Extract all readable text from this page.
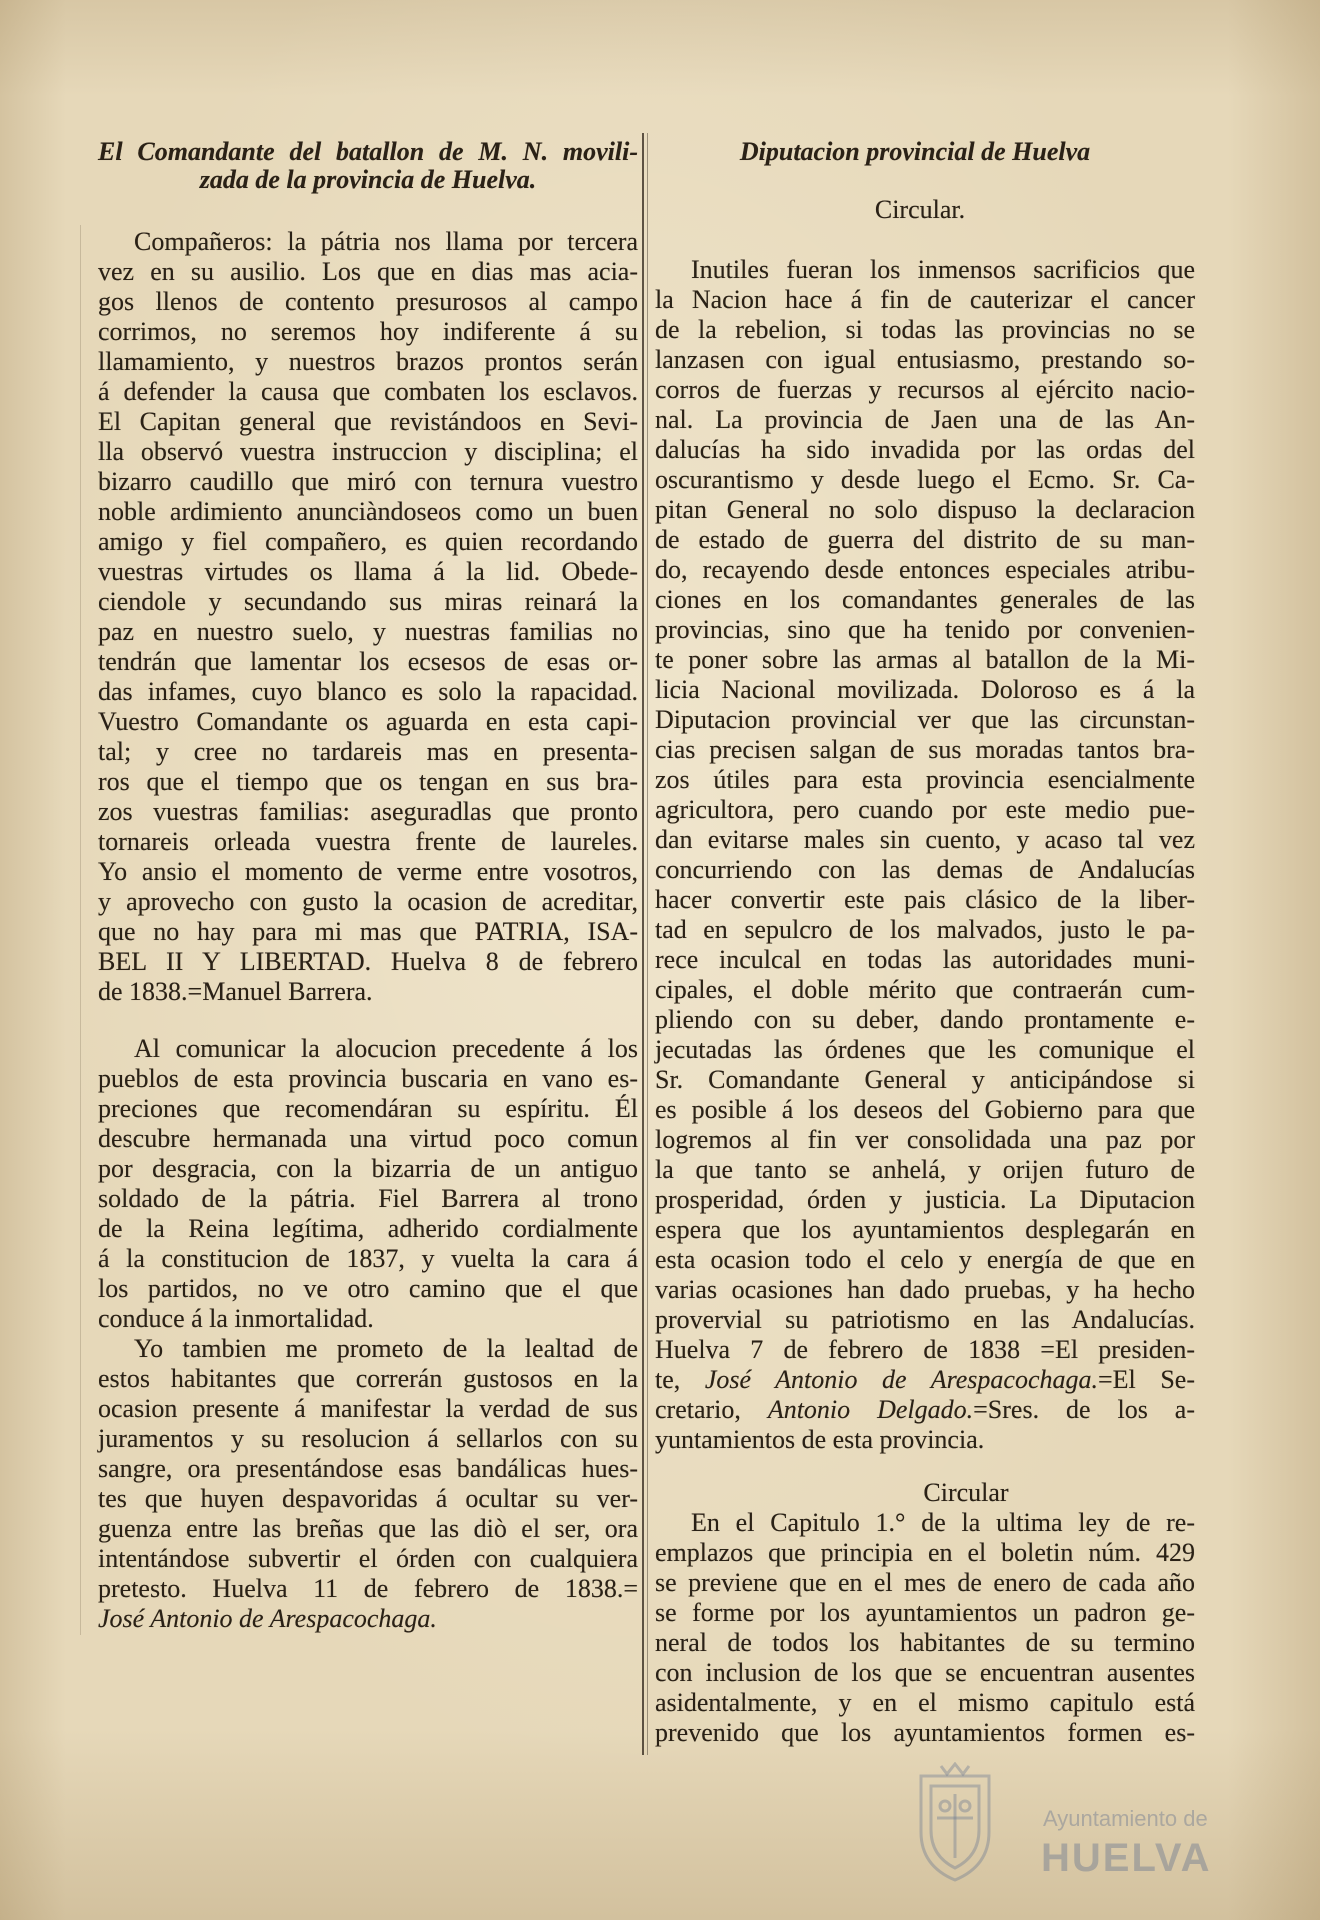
El Comandante del batallon de M. N. movili-
zada de la provincia de Huelva.
Compañeros: la pátria nos llama por tercera
vez en su ausilio. Los que en dias mas acia-
gos llenos de contento presurosos al campo
corrimos, no seremos hoy indiferente á su
llamamiento, y nuestros brazos prontos serán
á defender la causa que combaten los esclavos.
El Capitan general que revistándoos en Sevi-
lla observó vuestra instruccion y disciplina; el
bizarro caudillo que miró con ternura vuestro
noble ardimiento anunciàndoseos como un buen
amigo y fiel compañero, es quien recordando
vuestras virtudes os llama á la lid. Obede-
ciendole y secundando sus miras reinará la
paz en nuestro suelo, y nuestras familias no
tendrán que lamentar los ecsesos de esas or-
das infames, cuyo blanco es solo la rapacidad.
Vuestro Comandante os aguarda en esta capi-
tal; y cree no tardareis mas en presenta-
ros que el tiempo que os tengan en sus bra-
zos vuestras familias: aseguradlas que pronto
tornareis orleada vuestra frente de laureles.
Yo ansio el momento de verme entre vosotros,
y aprovecho con gusto la ocasion de acreditar,
que no hay para mi mas que PATRIA, ISA-
BEL II Y LIBERTAD. Huelva 8 de febrero
de 1838.=Manuel Barrera.
Al comunicar la alocucion precedente á los
pueblos de esta provincia buscaria en vano es-
preciones que recomendáran su espíritu. Él
descubre hermanada una virtud poco comun
por desgracia, con la bizarria de un antiguo
soldado de la pátria. Fiel Barrera al trono
de la Reina legítima, adherido cordialmente
á la constitucion de 1837, y vuelta la cara á
los partidos, no ve otro camino que el que
conduce á la inmortalidad.
Yo tambien me prometo de la lealtad de
estos habitantes que correrán gustosos en la
ocasion presente á manifestar la verdad de sus
juramentos y su resolucion á sellarlos con su
sangre, ora presentándose esas bandálicas hues-
tes que huyen despavoridas á ocultar su ver-
guenza entre las breñas que las diò el ser, ora
intentándose subvertir el órden con cualquiera
pretesto. Huelva 11 de febrero de 1838.=
José Antonio de Arespacochaga.
Diputacion provincial de Huelva
Circular.
Inutiles fueran los inmensos sacrificios que
la Nacion hace á fin de cauterizar el cancer
de la rebelion, si todas las provincias no se
lanzasen con igual entusiasmo, prestando so-
corros de fuerzas y recursos al ejército nacio-
nal. La provincia de Jaen una de las An-
dalucías ha sido invadida por las ordas del
oscurantismo y desde luego el Ecmo. Sr. Ca-
pitan General no solo dispuso la declaracion
de estado de guerra del distrito de su man-
do, recayendo desde entonces especiales atribu-
ciones en los comandantes generales de las
provincias, sino que ha tenido por convenien-
te poner sobre las armas al batallon de la Mi-
licia Nacional movilizada. Doloroso es á la
Diputacion provincial ver que las circunstan-
cias precisen salgan de sus moradas tantos bra-
zos útiles para esta provincia esencialmente
agricultora, pero cuando por este medio pue-
dan evitarse males sin cuento, y acaso tal vez
concurriendo con las demas de Andalucías
hacer convertir este pais clásico de la liber-
tad en sepulcro de los malvados, justo le pa-
rece inculcal en todas las autoridades muni-
cipales, el doble mérito que contraerán cum-
pliendo con su deber, dando prontamente e-
jecutadas las órdenes que les comunique el
Sr. Comandante General y anticipándose si
es posible á los deseos del Gobierno para que
logremos al fin ver consolidada una paz por
la que tanto se anhelá, y orijen futuro de
prosperidad, órden y justicia. La Diputacion
espera que los ayuntamientos desplegarán en
esta ocasion todo el celo y energía de que en
varias ocasiones han dado pruebas, y ha hecho
provervial su patriotismo en las Andalucías.
Huelva 7 de febrero de 1838 =El presiden-
te, José Antonio de Arespacochaga.=El Se-
cretario, Antonio Delgado.=Sres. de los a-
yuntamientos de esta provincia.
Circular
En el Capitulo 1.° de la ultima ley de re-
emplazos que principia en el boletin núm. 429
se previene que en el mes de enero de cada año
se forme por los ayuntamientos un padron ge-
neral de todos los habitantes de su termino
con inclusion de los que se encuentran ausentes
asidentalmente, y en el mismo capitulo está
prevenido que los ayuntamientos formen es-
Ayuntamiento de
HUELVA
